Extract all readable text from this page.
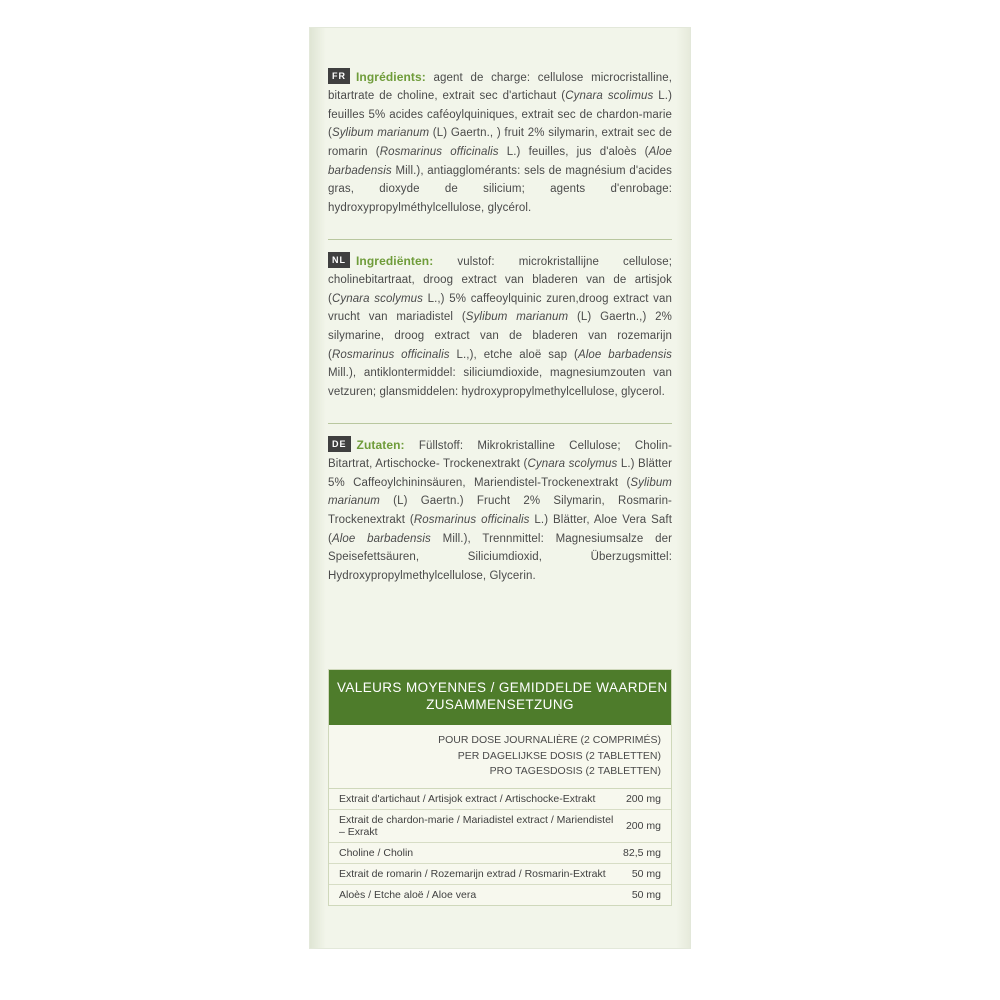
FR Ingrédients: agent de charge: cellulose microcristalline, bitartrate de choline, extrait sec d'artichaut (Cynara scolimus L.) feuilles 5% acides caféoylquiniques, extrait sec de chardon-marie (Sylibum marianum (L) Gaertn., ) fruit 2% silymarin, extrait sec de romarin (Rosmarinus officinalis L.) feuilles, jus d'aloès (Aloe barbadensis Mill.), antiagglomérants: sels de magnésium d'acides gras, dioxyde de silicium; agents d'enrobage: hydroxypropylméthylcellulose, glycérol.

NL Ingrediënten: vulstof: microkristallijne cellulose; cholinebitartraat, droog extract van bladeren van de artisjok (Cynara scolymus L.,) 5% caffeoylquinic zuren,droog extract van vrucht van mariadistel (Sylibum marianum (L) Gaertn.,) 2% silymarine, droog extract van de bladeren van rozemarijn (Rosmarinus officinalis L.,), etche aloë sap (Aloe barbadensis Mill.), antiklontermiddel: siliciumdioxide, magnesiumzouten van vetzuren; glansmiddelen: hydroxypropylmethylcellulose, glycerol.

DE Zutaten: Füllstoff: Mikrokristalline Cellulose; Cholin-Bitartrat, Artischocke- Trockenextrakt (Cynara scolymus L.) Blätter 5% Caffeoylchininsäuren, Mariendistel-Trockenextrakt (Sylibum marianum (L) Gaertn.) Frucht 2% Silymarin, Rosmarin-Trockenextrakt (Rosmarinus officinalis L.) Blätter, Aloe Vera Saft (Aloe barbadensis Mill.), Trennmittel: Magnesiumsalze der Speisefettsäuren, Siliciumdioxid, Überzugsmittel: Hydroxypropylmethylcellulose, Glycerin.

VALEURS MOYENNES / GEMIDDELDE WAARDEN
ZUSAMMENSETZUNG
POUR DOSE JOURNALIÈRE (2 COMPRIMÉS)
PER DAGELIJKSE DOSIS (2 TABLETTEN)
PRO TAGESDOSIS (2 TABLETTEN)
Extrait d'artichaut / Artisjok extract / Artischocke-Extrakt	200 mg
Extrait de chardon-marie / Mariadistel extract / Mariendistel – Exrakt	200 mg
Choline / Cholin	82,5 mg
Extrait de romarin / Rozemarijn extrad / Rosmarin-Extrakt	50 mg
Aloès / Etche aloë / Aloe vera	50 mg
